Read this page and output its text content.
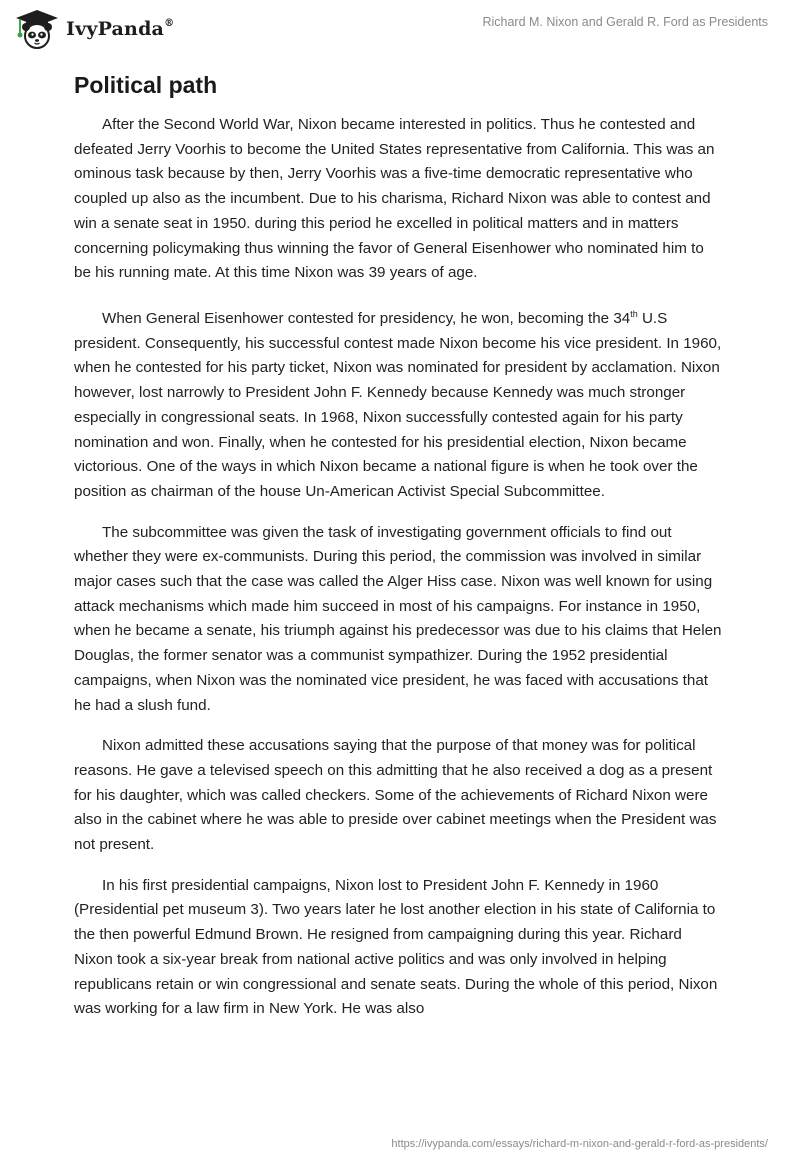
IvyPanda®	Richard M. Nixon and Gerald R. Ford as Presidents
Political path

After the Second World War, Nixon became interested in politics. Thus he contested and defeated Jerry Voorhis to become the United States representative from California. This was an ominous task because by then, Jerry Voorhis was a five-time democratic representative who coupled up also as the incumbent. Due to his charisma, Richard Nixon was able to contest and win a senate seat in 1950. during this period he excelled in political matters and in matters concerning policymaking thus winning the favor of General Eisenhower who nominated him to be his running mate. At this time Nixon was 39 years of age.

When General Eisenhower contested for presidency, he won, becoming the 34th U.S president. Consequently, his successful contest made Nixon become his vice president. In 1960, when he contested for his party ticket, Nixon was nominated for president by acclamation. Nixon however, lost narrowly to President John F. Kennedy because Kennedy was much stronger especially in congressional seats. In 1968, Nixon successfully contested again for his party nomination and won. Finally, when he contested for his presidential election, Nixon became victorious. One of the ways in which Nixon became a national figure is when he took over the position as chairman of the house Un-American Activist Special Subcommittee.

The subcommittee was given the task of investigating government officials to find out whether they were ex-communists. During this period, the commission was involved in similar major cases such that the case was called the Alger Hiss case. Nixon was well known for using attack mechanisms which made him succeed in most of his campaigns. For instance in 1950, when he became a senate, his triumph against his predecessor was due to his claims that Helen Douglas, the former senator was a communist sympathizer. During the 1952 presidential campaigns, when Nixon was the nominated vice president, he was faced with accusations that he had a slush fund.

Nixon admitted these accusations saying that the purpose of that money was for political reasons. He gave a televised speech on this admitting that he also received a dog as a present for his daughter, which was called checkers. Some of the achievements of Richard Nixon were also in the cabinet where he was able to preside over cabinet meetings when the President was not present.

In his first presidential campaigns, Nixon lost to President John F. Kennedy in 1960 (Presidential pet museum 3). Two years later he lost another election in his state of California to the then powerful Edmund Brown. He resigned from campaigning during this year. Richard Nixon took a six-year break from national active politics and was only involved in helping republicans retain or win congressional and senate seats. During the whole of this period, Nixon was working for a law firm in New York. He was also

https://ivypanda.com/essays/richard-m-nixon-and-gerald-r-ford-as-presidents/
